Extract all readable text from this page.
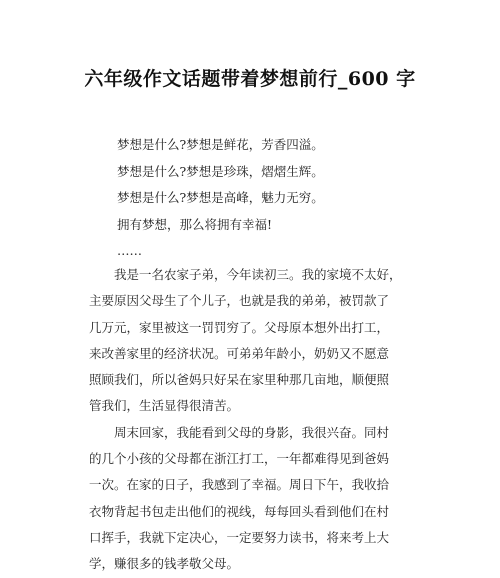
六年级作文话题带着梦想前行_600 字
梦想是什么?梦想是鲜花，芳香四溢。
梦想是什么?梦想是珍珠，熠熠生辉。
梦想是什么?梦想是高峰，魅力无穷。
拥有梦想，那么将拥有幸福!
……
　　我是一名农家子弟，今年读初三。我的家境不太好，
主要原因父母生了个儿子，也就是我的弟弟，被罚款了
几万元，家里被这一罚罚穷了。父母原本想外出打工，
来改善家里的经济状况。可弟弟年龄小，奶奶又不愿意
照顾我们，所以爸妈只好呆在家里种那几亩地，顺便照
管我们，生活显得很清苦。
　　周末回家，我能看到父母的身影，我很兴奋。同村
的几个小孩的父母都在浙江打工，一年都难得见到爸妈
一次。在家的日子，我感到了幸福。周日下午，我收拾
衣物背起书包走出他们的视线，每每回头看到他们在村
口挥手，我就下定决心，一定要努力读书，将来考上大
学，赚很多的钱孝敬父母。
